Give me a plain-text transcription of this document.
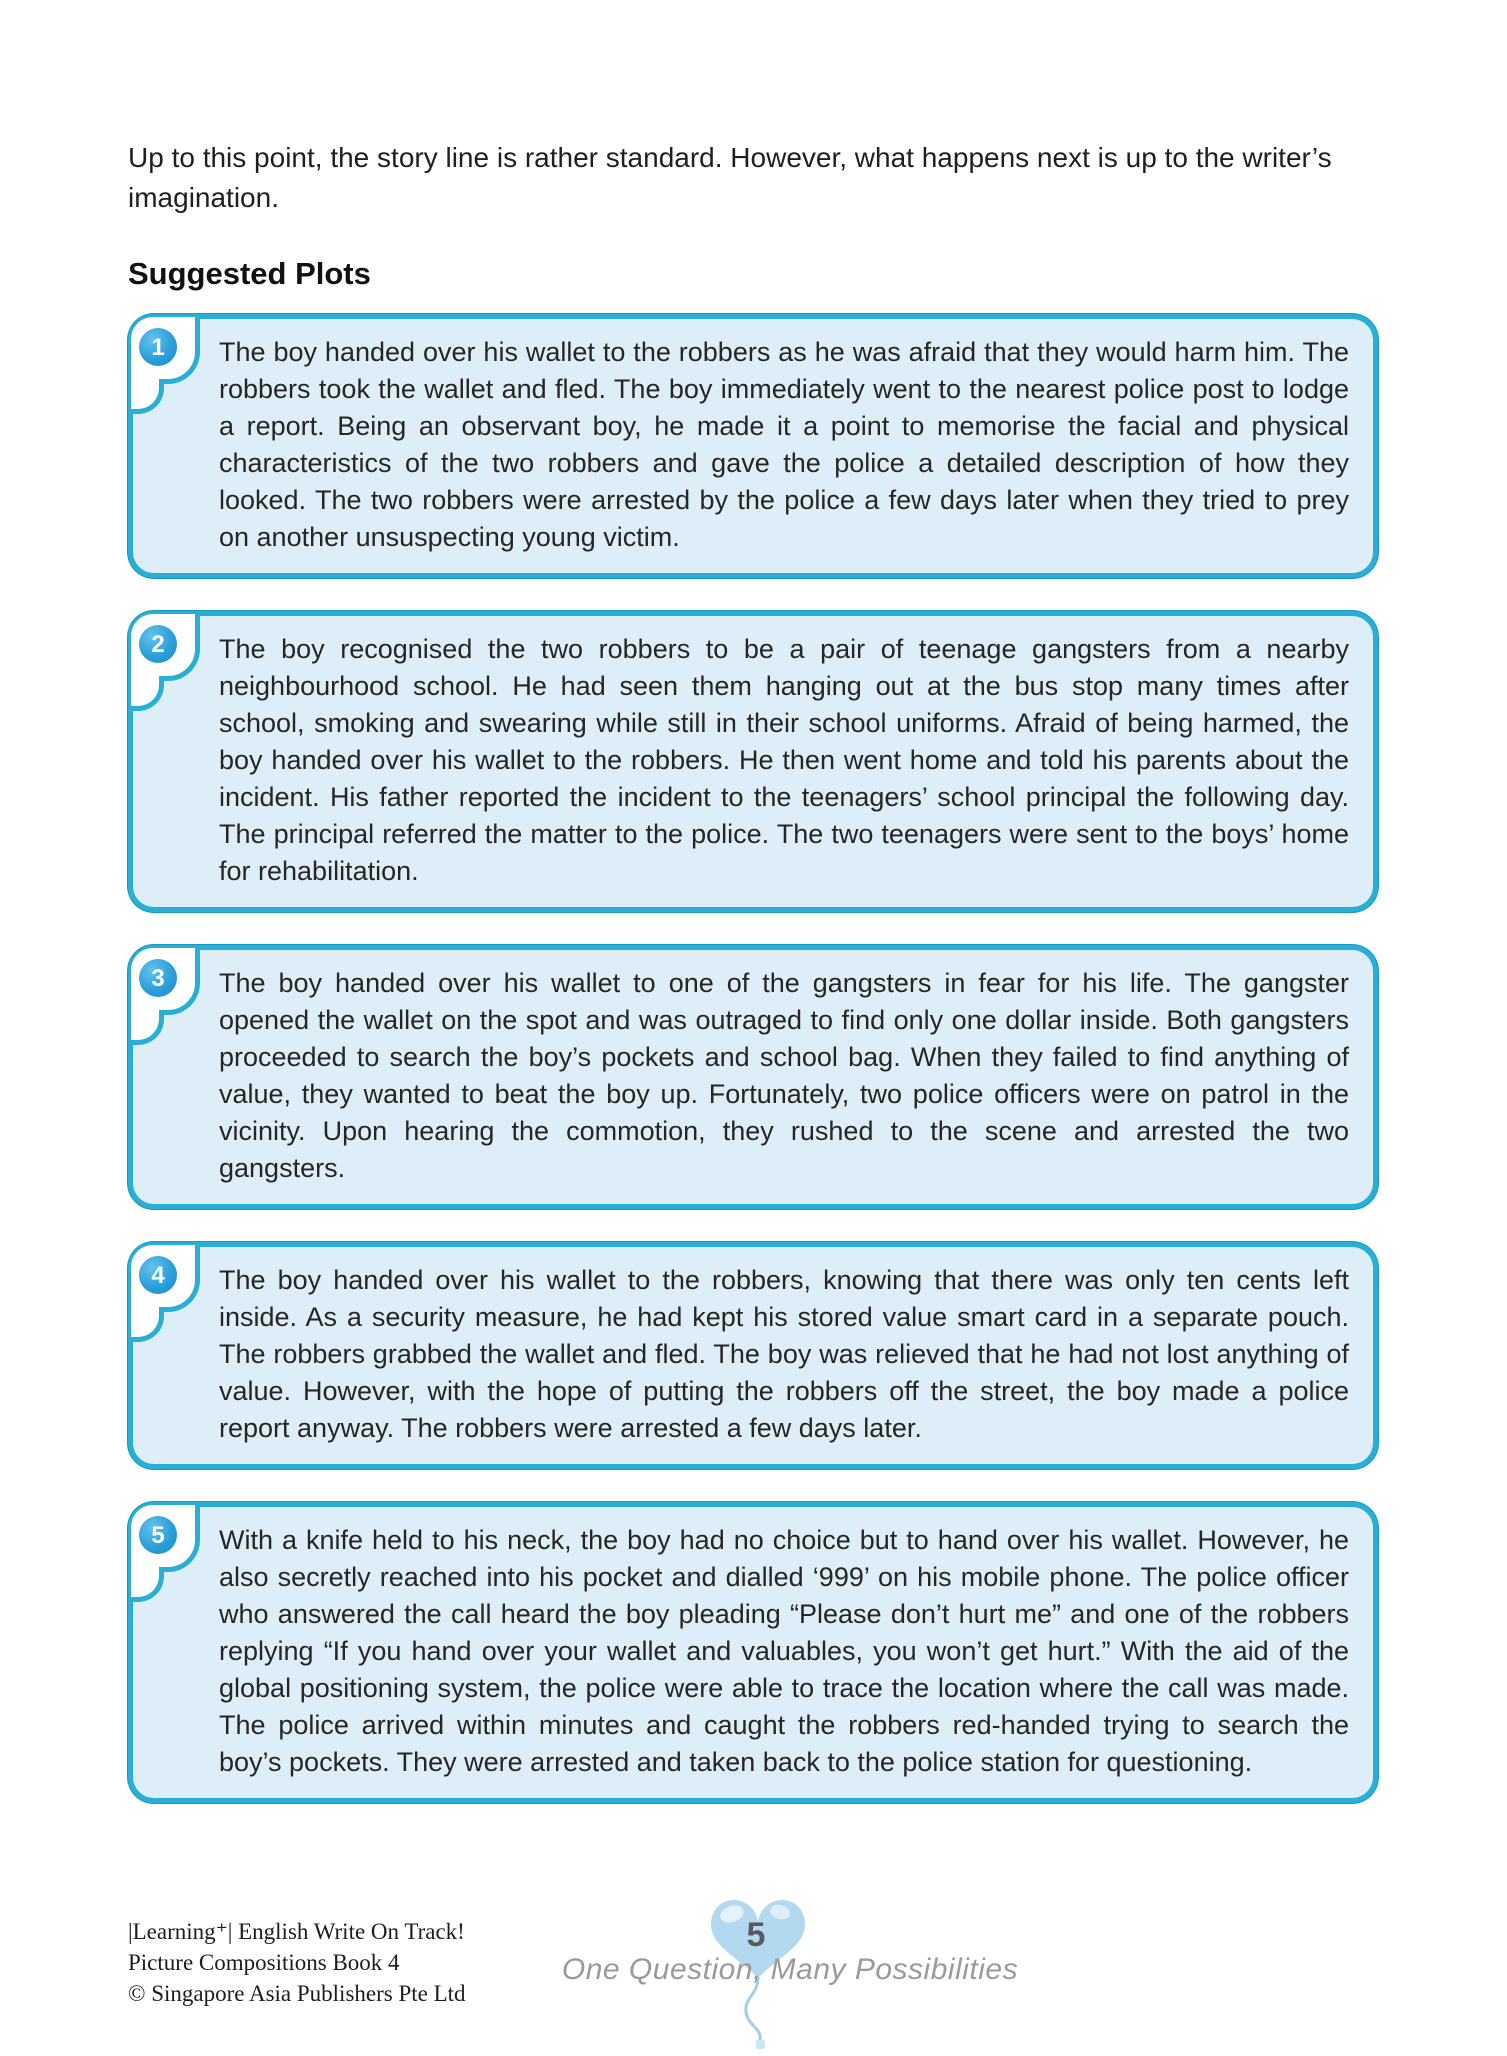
Up to this point, the story line is rather standard. However, what happens next is up to the writer’s imagination.

Suggested Plots
1	The boy handed over his wallet to the robbers as he was afraid that they would harm him. The robbers took the wallet and fled. The boy immediately went to the nearest police post to lodge a report. Being an observant boy, he made it a point to memorise the facial and physical characteristics of the two robbers and gave the police a detailed description of how they looked. The two robbers were arrested by the police a few days later when they tried to prey on another unsuspecting young victim.

2	The boy recognised the two robbers to be a pair of teenage gangsters from a nearby neighbourhood school. He had seen them hanging out at the bus stop many times after school, smoking and swearing while still in their school uniforms. Afraid of being harmed, the boy handed over his wallet to the robbers. He then went home and told his parents about the incident. His father reported the incident to the teenagers’ school principal the following day. The principal referred the matter to the police. The two teenagers were sent to the boys’ home for rehabilitation.

3	The boy handed over his wallet to one of the gangsters in fear for his life. The gangster opened the wallet on the spot and was outraged to find only one dollar inside. Both gangsters proceeded to search the boy’s pockets and school bag. When they failed to find anything of value, they wanted to beat the boy up. Fortunately, two police officers were on patrol in the vicinity. Upon hearing the commotion, they rushed to the scene and arrested the two gangsters.

4	The boy handed over his wallet to the robbers, knowing that there was only ten cents left inside. As a security measure, he had kept his stored value smart card in a separate pouch. The robbers grabbed the wallet and fled. The boy was relieved that he had not lost anything of value. However, with the hope of putting the robbers off the street, the boy made a police report anyway. The robbers were arrested a few days later.

5	With a knife held to his neck, the boy had no choice but to hand over his wallet. However, he also secretly reached into his pocket and dialled ‘999’ on his mobile phone. The police officer who answered the call heard the boy pleading “Please don’t hurt me” and one of the robbers replying “If you hand over your wallet and valuables, you won’t get hurt.” With the aid of the global positioning system, the police were able to trace the location where the call was made. The police arrived within minutes and caught the robbers red-handed trying to search the boy’s pockets. They were arrested and taken back to the police station for questioning.

|Learning⁺| English Write On Track!
Picture Compositions Book 4
© Singapore Asia Publishers Pte Ltd
5
One Question, Many Possibilities
